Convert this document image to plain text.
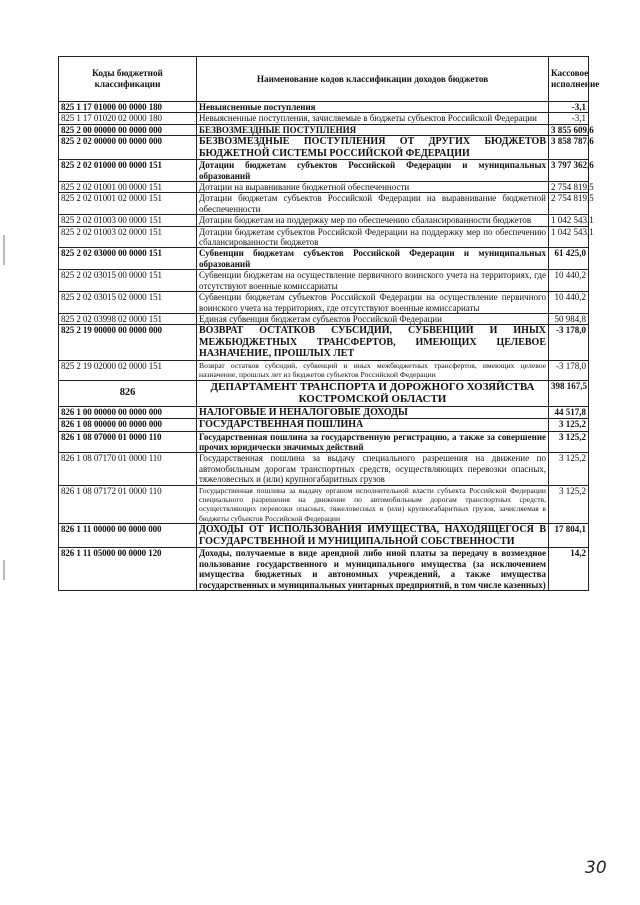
Коды бюджетной классификации	Наименование кодов классификации доходов бюджетов	Кассовое исполнение
825 1 17 01000 00 0000 180	Невыясненные поступления	-3,1
825 1 17 01020 02 0000 180	Невыясненные поступления, зачисляемые в бюджеты субъектов Российской Федерации	-3,1
825 2 00 00000 00 0000 000	БЕЗВОЗМЕЗДНЫЕ ПОСТУПЛЕНИЯ	3 855 609,6
825 2 02 00000 00 0000 000	БЕЗВОЗМЕЗДНЫЕ ПОСТУПЛЕНИЯ ОТ ДРУГИХ БЮДЖЕТОВ БЮДЖЕТНОЙ СИСТЕМЫ РОССИЙСКОЙ ФЕДЕРАЦИИ	3 858 787,6
825 2 02 01000 00 0000 151	Дотации бюджетам субъектов Российской Федерации и муниципальных образований	3 797 362,6
825 2 02 01001 00 0000 151	Дотации на выравнивание бюджетной обеспеченности	2 754 819,5
825 2 02 01001 02 0000 151	Дотации бюджетам субъектов Российской Федерации на выравнивание бюджетной обеспеченности	2 754 819,5
825 2 02 01003 00 0000 151	Дотации бюджетам на поддержку мер по обеспечению сбалансированности бюджетов	1 042 543,1
825 2 02 01003 02 0000 151	Дотации бюджетам субъектов Российской Федерации на поддержку мер по обеспечению сбалансированности бюджетов	1 042 543,1
825 2 02 03000 00 0000 151	Субвенции бюджетам субъектов Российской Федерации и муниципальных образований	61 425,0
825 2 02 03015 00 0000 151	Субвенции бюджетам на осуществление первичного воинского учета на территориях, где отсутствуют военные комиссариаты	10 440,2
825 2 02 03015 02 0000 151	Субвенции бюджетам субъектов Российской Федерации на осуществление первичного воинского учета на территориях, где отсутствуют военные комиссариаты	10 440,2
825 2 02 03998 02 0000 151	Единая субвенция бюджетам субъектов Российской Федерации	50 984,8
825 2 19 00000 00 0000 000	ВОЗВРАТ ОСТАТКОВ СУБСИДИЙ, СУБВЕНЦИЙ И ИНЫХ МЕЖБЮДЖЕТНЫХ ТРАНСФЕРТОВ, ИМЕЮЩИХ ЦЕЛЕВОЕ НАЗНАЧЕНИЕ, ПРОШЛЫХ ЛЕТ	-3 178,0
825 2 19 02000 02 0000 151	Возврат остатков субсидий, субвенций и иных межбюджетных трансфертов, имеющих целевое назначение, прошлых лет из бюджетов субъектов Российской Федерации	-3 178,0
826	ДЕПАРТАМЕНТ ТРАНСПОРТА И ДОРОЖНОГО ХОЗЯЙСТВА КОСТРОМСКОЙ ОБЛАСТИ	398 167,5
826 1 00 00000 00 0000 000	НАЛОГОВЫЕ И НЕНАЛОГОВЫЕ ДОХОДЫ	44 517,8
826 1 08 00000 00 0000 000	ГОСУДАРСТВЕННАЯ ПОШЛИНА	3 125,2
826 1 08 07000 01 0000 110	Государственная пошлина за государственную регистрацию, а также за совершение прочих юридически значимых действий	3 125,2
826 1 08 07170 01 0000 110	Государственная пошлина за выдачу специального разрешения на движение по автомобильным дорогам транспортных средств, осуществляющих перевозки опасных, тяжеловесных и (или) крупногабаритных грузов	3 125,2
826 1 08 07172 01 0000 110	Государственная пошлина за выдачу органом исполнительной власти субъекта Российской Федерации специального разрешения на движение по автомобильным дорогам транспортных средств, осуществляющих перевозки опасных, тяжеловесных и (или) крупногабаритных грузов, зачисляемая в бюджеты субъектов Российской Федерации	3 125,2
826 1 11 00000 00 0000 000	ДОХОДЫ ОТ ИСПОЛЬЗОВАНИЯ ИМУЩЕСТВА, НАХОДЯЩЕГОСЯ В ГОСУДАРСТВЕННОЙ И МУНИЦИПАЛЬНОЙ СОБСТВЕННОСТИ	17 804,1
826 1 11 05000 00 0000 120	Доходы, получаемые в виде арендной либо иной платы за передачу в возмездное пользование государственного и муниципального имущества (за исключением имущества бюджетных и автономных учреждений, а также имущества государственных и муниципальных унитарных предприятий, в том числе казенных)	14,2
30
